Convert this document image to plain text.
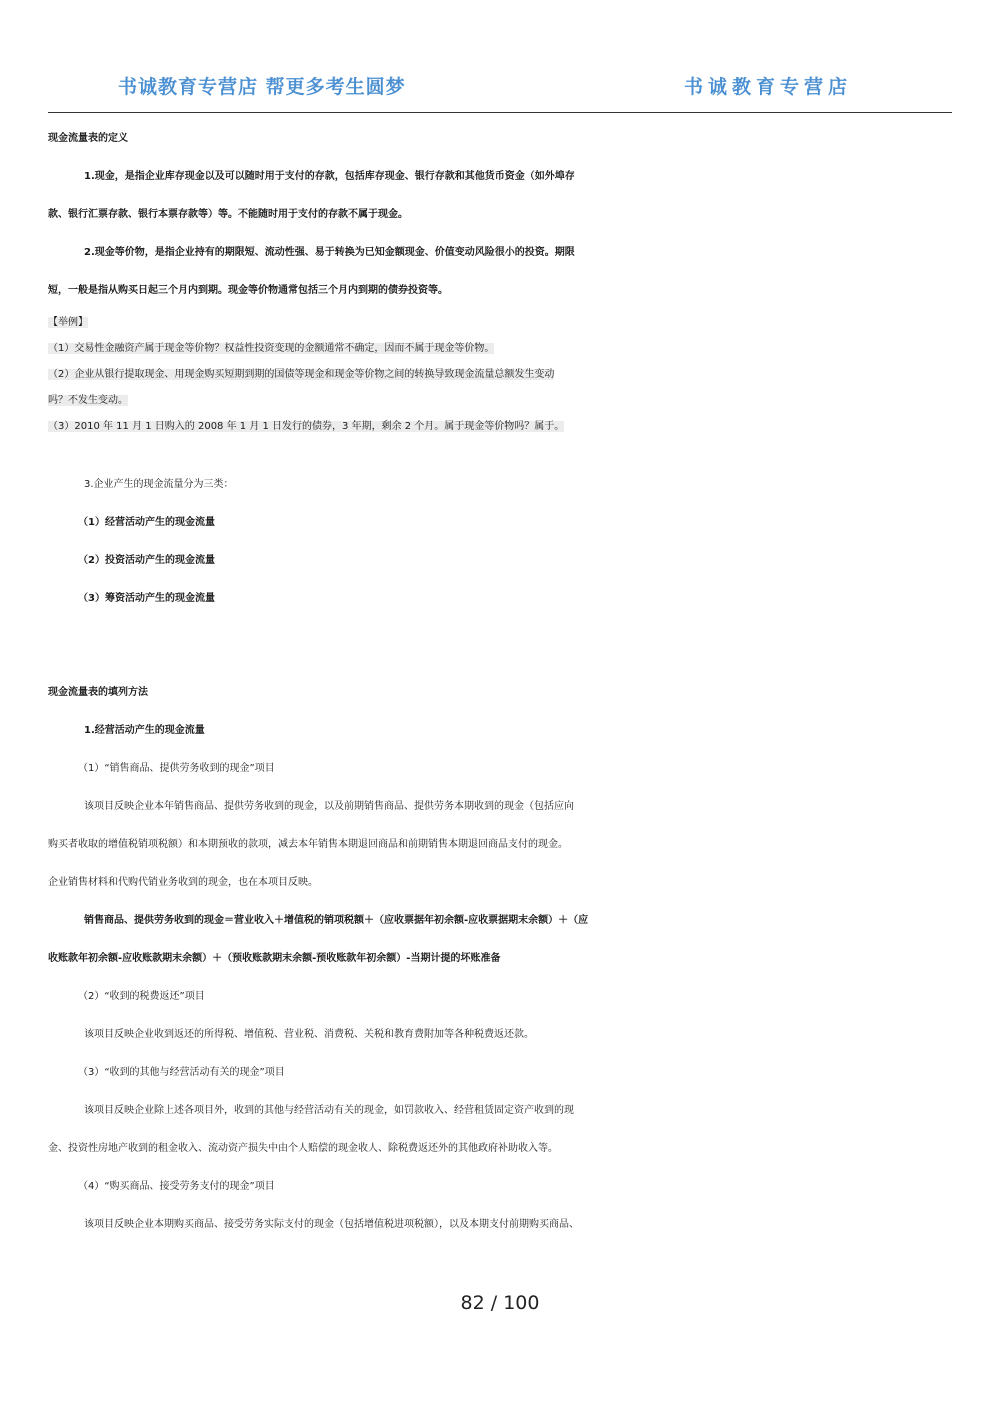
书诚教育专营店 帮更多考生圆梦	书诚教育专营店
现金流量表的定义
1.现金，是指企业库存现金以及可以随时用于支付的存款，包括库存现金、银行存款和其他货币资金（如外埠存
款、银行汇票存款、银行本票存款等）等。不能随时用于支付的存款不属于现金。
2.现金等价物，是指企业持有的期限短、流动性强、易于转换为已知金额现金、价值变动风险很小的投资。期限
短，一般是指从购买日起三个月内到期。现金等价物通常包括三个月内到期的债券投资等。
【举例】
（1）交易性金融资产属于现金等价物？权益性投资变现的金额通常不确定，因而不属于现金等价物。
（2）企业从银行提取现金、用现金购买短期到期的国债等现金和现金等价物之间的转换导致现金流量总额发生变动
吗？不发生变动。
（3）2010 年 11 月 1 日购入的 2008 年 1 月 1 日发行的债券，3 年期，剩余 2 个月。属于现金等价物吗？属于。
3.企业产生的现金流量分为三类：
（1）经营活动产生的现金流量
（2）投资活动产生的现金流量
（3）筹资活动产生的现金流量
现金流量表的填列方法
1.经营活动产生的现金流量
（1）“销售商品、提供劳务收到的现金”项目
该项目反映企业本年销售商品、提供劳务收到的现金，以及前期销售商品、提供劳务本期收到的现金（包括应向
购买者收取的增值税销项税额）和本期预收的款项，减去本年销售本期退回商品和前期销售本期退回商品支付的现金。
企业销售材料和代购代销业务收到的现金，也在本项目反映。
销售商品、提供劳务收到的现金＝营业收入＋增值税的销项税额＋（应收票据年初余额-应收票据期末余额）＋（应
收账款年初余额-应收账款期末余额）＋（预收账款期末余额-预收账款年初余额）-当期计提的坏账准备
（2）“收到的税费返还”项目
该项目反映企业收到返还的所得税、增值税、营业税、消费税、关税和教育费附加等各种税费返还款。
（3）“收到的其他与经营活动有关的现金”项目
该项目反映企业除上述各项目外，收到的其他与经营活动有关的现金，如罚款收入、经营租赁固定资产收到的现
金、投资性房地产收到的租金收入、流动资产损失中由个人赔偿的现金收人、除税费返还外的其他政府补助收入等。
（4）“购买商品、接受劳务支付的现金”项目
该项目反映企业本期购买商品、接受劳务实际支付的现金（包括增值税进项税额），以及本期支付前期购买商品、
82 / 100
